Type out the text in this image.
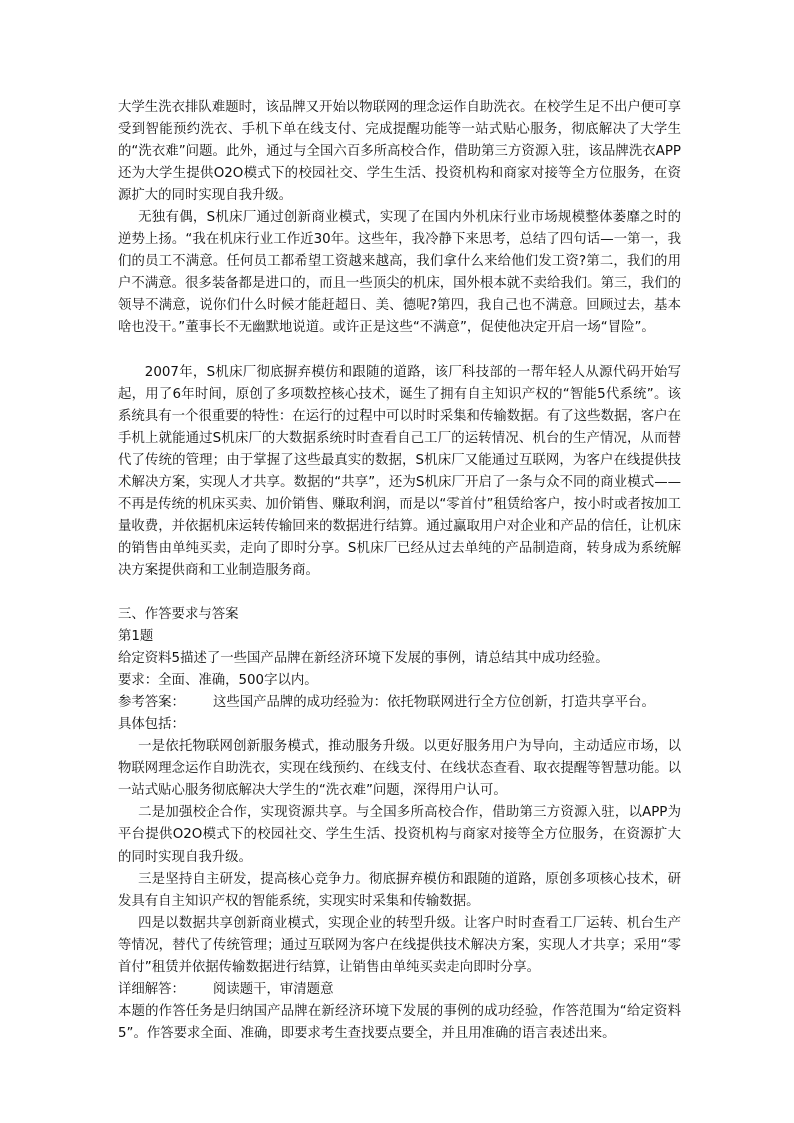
大学生洗衣排队难题时，该品牌又开始以物联网的理念运作自助洗衣。在校学生足不出户便可享受到智能预约洗衣、手机下单在线支付、完成提醒功能等一站式贴心服务，彻底解决了大学生的“洗衣难”问题。此外，通过与全国六百多所高校合作，借助第三方资源入驻，该品牌洗衣APP还为大学生提供O2O模式下的校园社交、学生生活、投资机构和商家对接等全方位服务，在资源扩大的同时实现自我升级。

无独有偶，S机床厂通过创新商业模式，实现了在国内外机床行业市场规模整体萎靡之时的逆势上扬。“我在机床行业工作近30年。这些年，我冷静下来思考，总结了四句话—一第一，我们的员工不满意。任何员工都希望工资越来越高，我们拿什么来给他们发工资?第二，我们的用户不满意。很多装备都是进口的，而且一些顶尖的机床，国外根本就不卖给我们。第三，我们的领导不满意，说你们什么时候才能赶超日、美、德呢?第四，我自己也不满意。回顾过去，基本啥也没干。”董事长不无幽默地说道。或许正是这些“不满意”，促使他决定开启一场“冒险”。

2007年，S机床厂彻底摒弃模仿和跟随的道路，该厂科技部的一帮年轻人从源代码开始写起，用了6年时间，原创了多项数控核心技术，诞生了拥有自主知识产权的“智能5代系统”。该系统具有一个很重要的特性：在运行的过程中可以时时采集和传输数据。有了这些数据，客户在手机上就能通过S机床厂的大数据系统时时查看自己工厂的运转情况、机台的生产情况，从而替代了传统的管理；由于掌握了这些最真实的数据，S机床厂又能通过互联网，为客户在线提供技术解决方案，实现人才共享。数据的“共享”，还为S机床厂开启了一条与众不同的商业模式——不再是传统的机床买卖、加价销售、赚取利润，而是以“零首付”租赁给客户，按小时或者按加工量收费，并依据机床运转传输回来的数据进行结算。通过赢取用户对企业和产品的信任，让机床的销售由单纯买卖，走向了即时分享。S机床厂已经从过去单纯的产品制造商，转身成为系统解决方案提供商和工业制造服务商。

三、作答要求与答案

第1题

给定资料5描述了一些国产品牌在新经济环境下发展的事例，请总结其中成功经验。

要求：全面、准确，500字以内。

参考答案： 这些国产品牌的成功经验为：依托物联网进行全方位创新，打造共享平台。

具体包括：

一是依托物联网创新服务模式，推动服务升级。以更好服务用户为导向，主动适应市场，以物联网理念运作自助洗衣，实现在线预约、在线支付、在线状态查看、取衣提醒等智慧功能。以一站式贴心服务彻底解决大学生的“洗衣难”问题，深得用户认可。

二是加强校企合作，实现资源共享。与全国多所高校合作，借助第三方资源入驻，以APP为平台提供O2O模式下的校园社交、学生生活、投资机构与商家对接等全方位服务，在资源扩大的同时实现自我升级。

三是坚持自主研发，提高核心竞争力。彻底摒弃模仿和跟随的道路，原创多项核心技术，研发具有自主知识产权的智能系统，实现实时采集和传输数据。

四是以数据共享创新商业模式，实现企业的转型升级。让客户时时查看工厂运转、机台生产等情况，替代了传统管理；通过互联网为客户在线提供技术解决方案，实现人才共享；采用“零首付”租赁并依据传输数据进行结算，让销售由单纯买卖走向即时分享。

详细解答： 阅读题干，审清题意

本题的作答任务是归纳国产品牌在新经济环境下发展的事例的成功经验，作答范围为“给定资料5”。作答要求全面、准确，即要求考生查找要点要全，并且用准确的语言表述出来。
